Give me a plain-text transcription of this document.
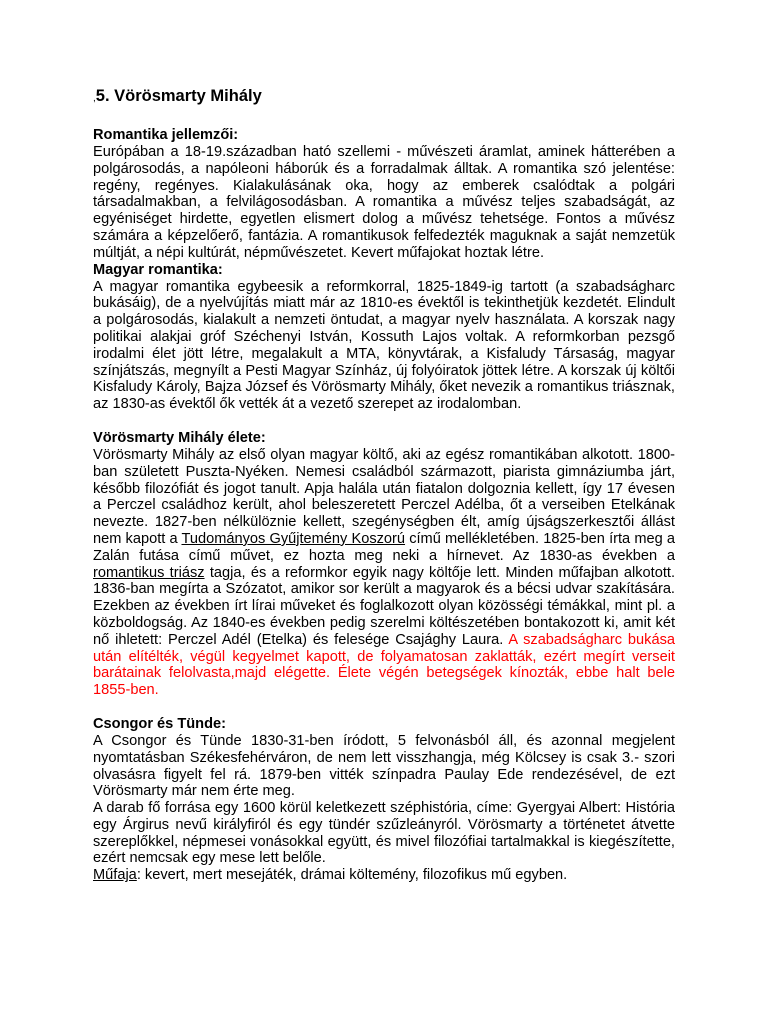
,5. Vörösmarty Mihály
Romantika jellemzői:

Európában a 18-19.században ható szellemi - művészeti áramlat, aminek hátterében a polgárosodás, a napóleoni háborúk és a forradalmak álltak. A romantika szó jelentése: regény, regényes. Kialakulásának oka, hogy az emberek csalódtak a polgári társadalmakban, a felvilágosodásban. A romantika a művész teljes szabadságát, az egyéniséget hirdette, egyetlen elismert dolog a művész tehetsége. Fontos a művész számára a képzelőerő, fantázia. A romantikusok felfedezték maguknak a saját nemzetük múltját, a népi kultúrát, népművészetet. Kevert műfajokat hoztak létre.

Magyar romantika:

A magyar romantika egybeesik a reformkorral, 1825-1849-ig tartott (a szabadságharc bukásáig), de a nyelvújítás miatt már az 1810-es évektől is tekinthetjük kezdetét. Elindult a polgárosodás, kialakult a nemzeti öntudat, a magyar nyelv használata. A korszak nagy politikai alakjai gróf Széchenyi István, Kossuth Lajos voltak. A reformkorban pezsgő irodalmi élet jött létre, megalakult a MTA, könyvtárak, a Kisfaludy Társaság, magyar színjátszás, megnyílt a Pesti Magyar Színház, új folyóiratok jöttek létre. A korszak új költői Kisfaludy Károly, Bajza József és Vörösmarty Mihály, őket nevezik a romantikus triásznak, az 1830-as évektől ők vették át a vezető szerepet az irodalomban.

Vörösmarty Mihály élete:

Vörösmarty Mihály az első olyan magyar költő, aki az egész romantikában alkotott. 1800-ban született Puszta-Nyéken. Nemesi családból származott, piarista gimnáziumba járt, később filozófiát és jogot tanult. Apja halála után fiatalon dolgoznia kellett, így 17 évesen a Perczel családhoz került, ahol beleszeretett Perczel Adélba, őt a verseiben Etelkának nevezte. 1827-ben nélkülöznie kellett, szegénységben élt, amíg újságszerkesztői állást nem kapott a Tudományos Gyűjtemény Koszorú című mellékletében. 1825-ben írta meg a Zalán futása című művet, ez hozta meg neki a hírnevet. Az 1830-as években a romantikus triász tagja, és a reformkor egyik nagy költője lett. Minden műfajban alkotott. 1836-ban megírta a Szózatot, amikor sor került a magyarok és a bécsi udvar szakítására. Ezekben az években írt lírai műveket és foglalkozott olyan közösségi témákkal, mint pl. a közboldogság. Az 1840-es években pedig szerelmi költészetében bontakozott ki, amit két nő ihletett: Perczel Adél (Etelka) és felesége Csajághy Laura. A szabadságharc bukása után elítélték, végül kegyelmet kapott, de folyamatosan zaklatták, ezért megírt verseit barátainak felolvasta,majd elégette. Élete végén betegségek kínozták, ebbe halt bele 1855-ben.

Csongor és Tünde:

A Csongor és Tünde 1830-31-ben íródott, 5 felvonásból áll, és azonnal megjelent nyomtatásban Székesfehérváron, de nem lett visszhangja, még Kölcsey is csak 3.- szori olvasásra figyelt fel rá. 1879-ben vitték színpadra Paulay Ede rendezésével, de ezt Vörösmarty már nem érte meg.

A darab fő forrása egy 1600 körül keletkezett széphistória, címe: Gyergyai Albert: História egy Árgirus nevű királyfiról és egy tündér szűzleányról. Vörösmarty a történetet átvette szereplőkkel, népmesei vonásokkal együtt, és mivel filozófiai tartalmakkal is kiegészítette, ezért nemcsak egy mese lett belőle.

Műfaja: kevert, mert mesejáték, drámai költemény, filozofikus mű egyben.
